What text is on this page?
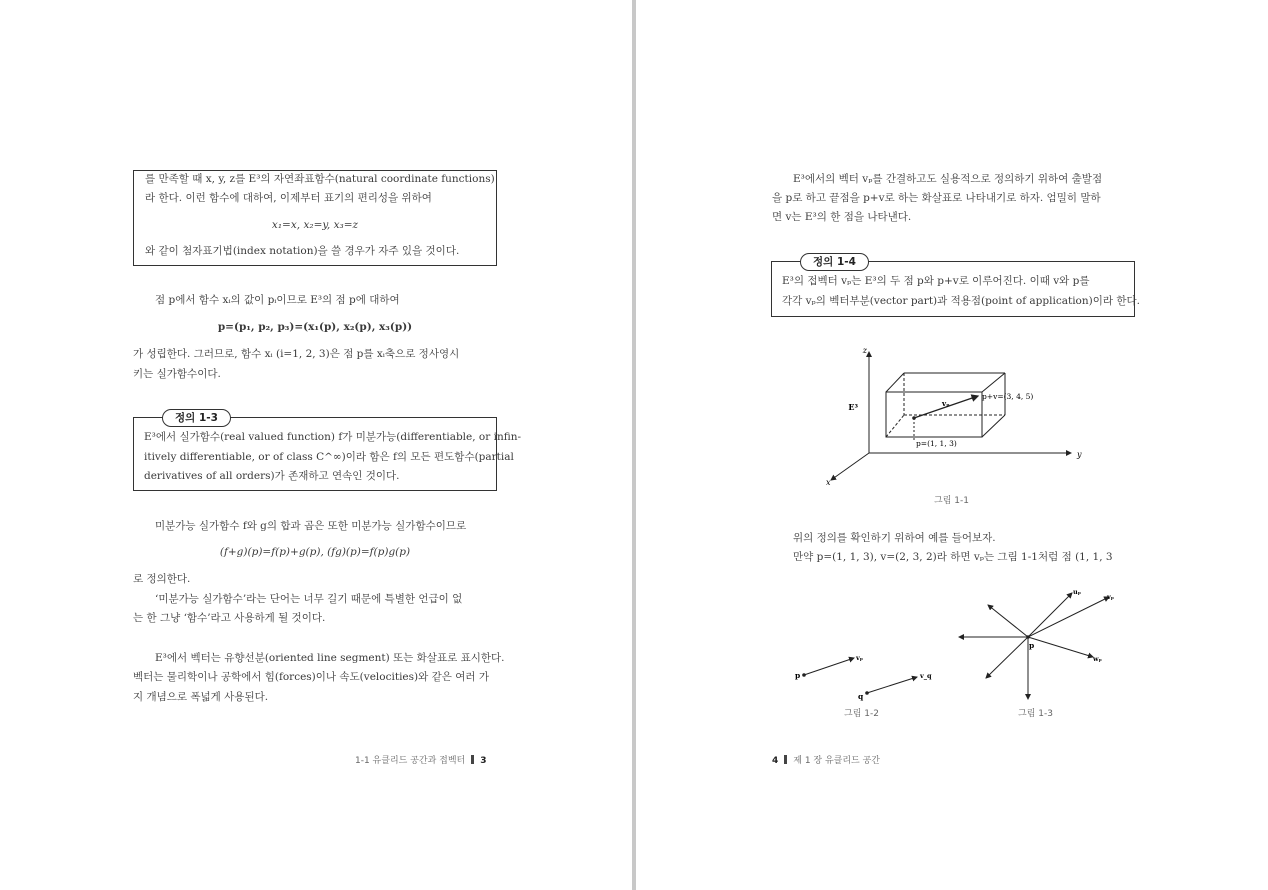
를 만족할 때 x, y, z를 E³의 자연좌표함수(natural coordinate functions)
라 한다. 이런 함수에 대하여, 이제부터 표기의 편리성을 위하여
x₁=x, x₂=y, x₃=z
와 같이 첨자표기법(index notation)을 쓸 경우가 자주 있을 것이다.
점 p에서 함수 xᵢ의 값이 pᵢ이므로 E³의 점 p에 대하여
p=(p₁, p₂, p₃)=(x₁(p), x₂(p), x₃(p))
가 성립한다. 그러므로, 함수 xᵢ (i=1, 2, 3)은 점 p를 xᵢ축으로 정사영시
키는 실가함수이다.
정의 1-3
E³에서 실가함수(real valued function) f가 미분가능(differentiable, or infin-
itively differentiable, or of class C^∞)이라 함은 f의 모든 편도함수(partial
derivatives of all orders)가 존재하고 연속인 것이다.
미분가능 실가함수 f와 g의 합과 곱은 또한 미분가능 실가함수이므로
(f+g)(p)=f(p)+g(p), (fg)(p)=f(p)g(p)
로 정의한다.
‘미분가능 실가함수’라는 단어는 너무 길기 때문에 특별한 언급이 없
는 한 그냥 ‘함수’라고 사용하게 될 것이다.
E³에서 벡터는 유향선분(oriented line segment) 또는 화살표로 표시한다.
벡터는 물리학이나 공학에서 힘(forces)이나 속도(velocities)와 같은 여러 가
지 개념으로 폭넓게 사용된다.
1-1 유클리드 공간과 접벡터 3
E³에서의 벡터 vₚ를 간결하고도 실용적으로 정의하기 위하여 출발점
을 p로 하고 끝점을 p+v로 하는 화살표로 나타내기로 하자. 엄밀히 말하
면 v는 E³의 한 점을 나타낸다.
정의 1-4
E³의 접벡터 vₚ는 E³의 두 점 p와 p+v로 이루어진다. 이때 v와 p를
각각 vₚ의 벡터부분(vector part)과 적용점(point of application)이라 한다.
z
y
x
E³	vₚ
p=(1, 1, 3)
p+v=(3, 4, 5)
그림 1-1
위의 정의를 확인하기 위하여 예를 들어보자.
만약 p=(1, 1, 3), v=(2, 3, 2)라 하면 vₚ는 그림 1-1처럼 점 (1, 1, 3
p
vₚ
q
v_q
그림 1-2
p
uₚ
vₚ
wₚ
그림 1-3
4 제 1 장 유클리드 공간
